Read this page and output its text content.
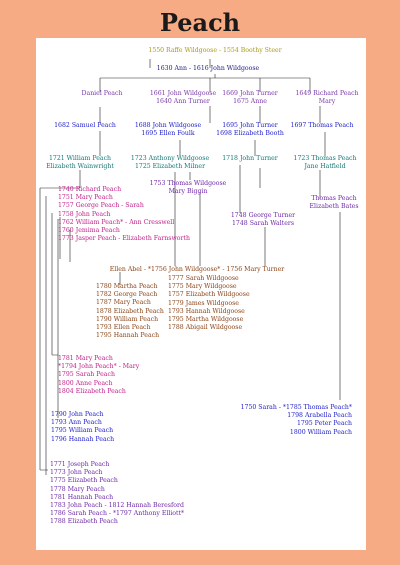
Peach
1550 Raffe Wildgoose - 1554 Boothy Steer
1630 Ann - 1616 John Wildgoose
Daniel Peach	1661 John Wildgoose
1640 Ann Turner
1669 John Turner
1675 Anne
1649 Richard Peach
Mary
1682 Samuel Peach	1688 John Wildgoose
1695 Ellen Foulk
1695 John Turner
1698 Elizabeth Booth
1697 Thomas Peach
1721 William Peach
Elizabeth Wainwright
1723 Anthony Wildgoose
1725 Elizabeth Milner
1718 John Turner	1723 Thomas Peach
Jane Hatfield
1753 Thomas Wildgoose
Mary Biggin
1748 George Turner
1748 Sarah Walters
Thomas Peach
Elizabeth Bates
1740 Richard Peach
1751 Mary Peach
1757 George Peach - Sarah
1758 John Peach
1762 William Peach* - Ann Cresswell
1760 Jemima Peach
1773 Jasper Peach - Elizabeth Farnsworth
Ellen Abel - *1756 John Wildgoose* - 1756 Mary Turner
1777 Sarah Wildgoose
1775 Mary Wildgoose
1757 Elizabeth Wildgoose
1779 James Wildgoose
1793 Hannah Wildgoose
1795 Martha Wildgoose
1788 Abigail Wildgoose
1780 Martha Peach
1782 George Peach
1787 Mary Peach
1878 Elizabeth Peach
1790 William Peach
1793 Ellen Peach
1795 Hannah Peach
1781 Mary Peach
*1794 John Peach* - Mary
1795 Sarah Peach
1800 Anne Peach
1804 Elizabeth Peach
1790 John Peach
1793 Ann Peach
1795 William Peach
1796 Hannah Peach
1750 Sarah - *1785 Thomas Peach*
1798 Arabella Peach
1795 Peter Peach
1800 William Peach
1771 Joseph Peach
1773 John Peach
1775 Elizabeth Peach
1778 Mary Peach
1781 Hannah Peach
1783 John Peach - 1812 Hannah Beresford
1786 Sarah Peach - *1797 Anthony Elliott*
1788 Elizabeth Peach
